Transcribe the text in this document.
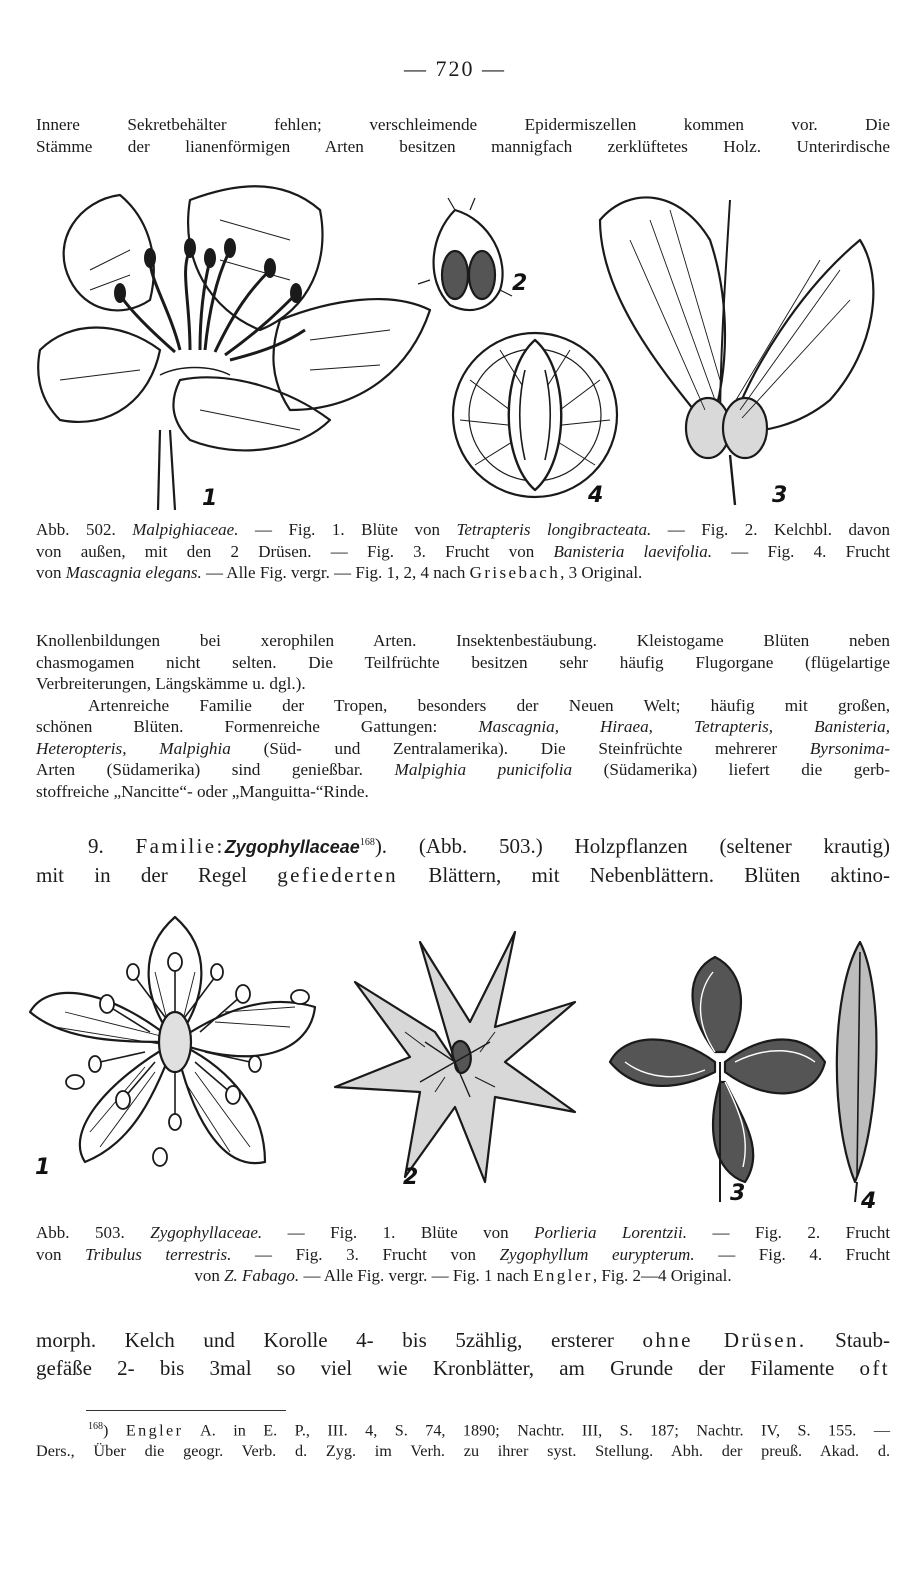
— 720 —

Innere Sekretbehälter fehlen; verschleimende Epidermiszellen kommen vor. Die
Stämme der lianenförmigen Arten besitzen mannigfach zerklüftetes Holz. Unterirdische

1
2
3
4

Abb. 502. Malpighiaceae. — Fig. 1. Blüte von Tetrapteris longibracteata. — Fig. 2. Kelchbl. davon
von außen, mit den 2 Drüsen. — Fig. 3. Frucht von Banisteria laevifolia. — Fig. 4. Frucht
von Mascagnia elegans. — Alle Fig. vergr. — Fig. 1, 2, 4 nach Grisebach, 3 Original.

Knollenbildungen bei xerophilen Arten. Insektenbestäubung. Kleistogame Blüten neben
chasmogamen nicht selten. Die Teilfrüchte besitzen sehr häufig Flugorgane (flügelartige
Verbreiterungen, Längskämme u. dgl.).
Artenreiche Familie der Tropen, besonders der Neuen Welt; häufig mit großen,
schönen Blüten. Formenreiche Gattungen: Mascagnia, Hiraea, Tetrapteris, Banisteria,
Heteropteris, Malpighia (Süd- und Zentralamerika). Die Steinfrüchte mehrerer Byrsonima-
Arten (Südamerika) sind genießbar. Malpighia punicifolia (Südamerika) liefert die gerb-
stoffreiche „Nancitte“- oder „Manguitta-“Rinde.

9. Familie:Zygophyllaceae$^{168}$). (Abb. 503.) Holzpflanzen (seltener krautig)
mit in der Regel gefiederten Blättern, mit Nebenblättern. Blüten aktino-

1	2
3	4

Abb. 503. Zygophyllaceae. — Fig. 1. Blüte von Porlieria Lorentzii. — Fig. 2. Frucht
von Tribulus terrestris. — Fig. 3. Frucht von Zygophyllum eurypterum. — Fig. 4. Frucht
von Z. Fabago. — Alle Fig. vergr. — Fig. 1 nach Engler, Fig. 2—4 Original.

morph. Kelch und Korolle 4- bis 5zählig, ersterer ohne Drüsen. Staub-
gefäße 2- bis 3mal so viel wie Kronblätter, am Grunde der Filamente oft

$^{168}$) Engler A. in E. P., III. 4, S. 74, 1890; Nachtr. III, S. 187; Nachtr. IV, S. 155. —
Ders., Über die geogr. Verb. d. Zyg. im Verh. zu ihrer syst. Stellung. Abh. der preuß. Akad. d.
